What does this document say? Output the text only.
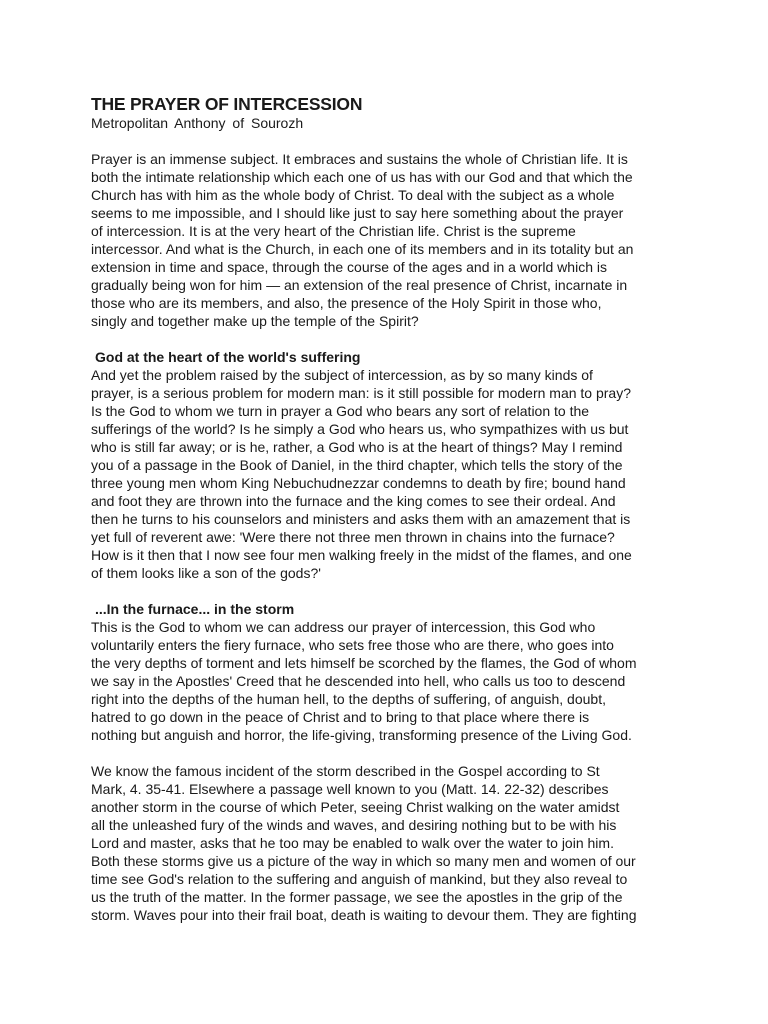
THE PRAYER OF INTERCESSION

Metropolitan Anthony of Sourozh

Prayer is an immense subject. It embraces and sustains the whole of Christian life. It is
both the intimate relationship which each one of us has with our God and that which the
Church has with him as the whole body of Christ. To deal with the subject as a whole
seems to me impossible, and I should like just to say here something about the prayer
of intercession. It is at the very heart of the Christian life. Christ is the supreme
intercessor. And what is the Church, in each one of its members and in its totality but an
extension in time and space, through the course of the ages and in a world which is
gradually being won for him — an extension of the real presence of Christ, incarnate in
those who are its members, and also, the presence of the Holy Spirit in those who,
singly and together make up the temple of the Spirit?

God at the heart of the world's suffering

And yet the problem raised by the subject of intercession, as by so many kinds of
prayer, is a serious problem for modern man: is it still possible for modern man to pray?
Is the God to whom we turn in prayer a God who bears any sort of relation to the
sufferings of the world? Is he simply a God who hears us, who sympathizes with us but
who is still far away; or is he, rather, a God who is at the heart of things? May I remind
you of a passage in the Book of Daniel, in the third chapter, which tells the story of the
three young men whom King Nebuchudnezzar condemns to death by fire; bound hand
and foot they are thrown into the furnace and the king comes to see their ordeal. And
then he turns to his counselors and ministers and asks them with an amazement that is
yet full of reverent awe: 'Were there not three men thrown in chains into the furnace?
How is it then that I now see four men walking freely in the midst of the flames, and one
of them looks like a son of the gods?'

...In the furnace... in the storm

This is the God to whom we can address our prayer of intercession, this God who
voluntarily enters the fiery furnace, who sets free those who are there, who goes into
the very depths of torment and lets himself be scorched by the flames, the God of whom
we say in the Apostles' Creed that he descended into hell, who calls us too to descend
right into the depths of the human hell, to the depths of suffering, of anguish, doubt,
hatred to go down in the peace of Christ and to bring to that place where there is
nothing but anguish and horror, the life-giving, transforming presence of the Living God.

We know the famous incident of the storm described in the Gospel according to St
Mark, 4. 35-41. Elsewhere a passage well known to you (Matt. 14. 22-32) describes
another storm in the course of which Peter, seeing Christ walking on the water amidst
all the unleashed fury of the winds and waves, and desiring nothing but to be with his
Lord and master, asks that he too may be enabled to walk over the water to join him.
Both these storms give us a picture of the way in which so many men and women of our
time see God's relation to the suffering and anguish of mankind, but they also reveal to
us the truth of the matter. In the former passage, we see the apostles in the grip of the
storm. Waves pour into their frail boat, death is waiting to devour them. They are fighting
